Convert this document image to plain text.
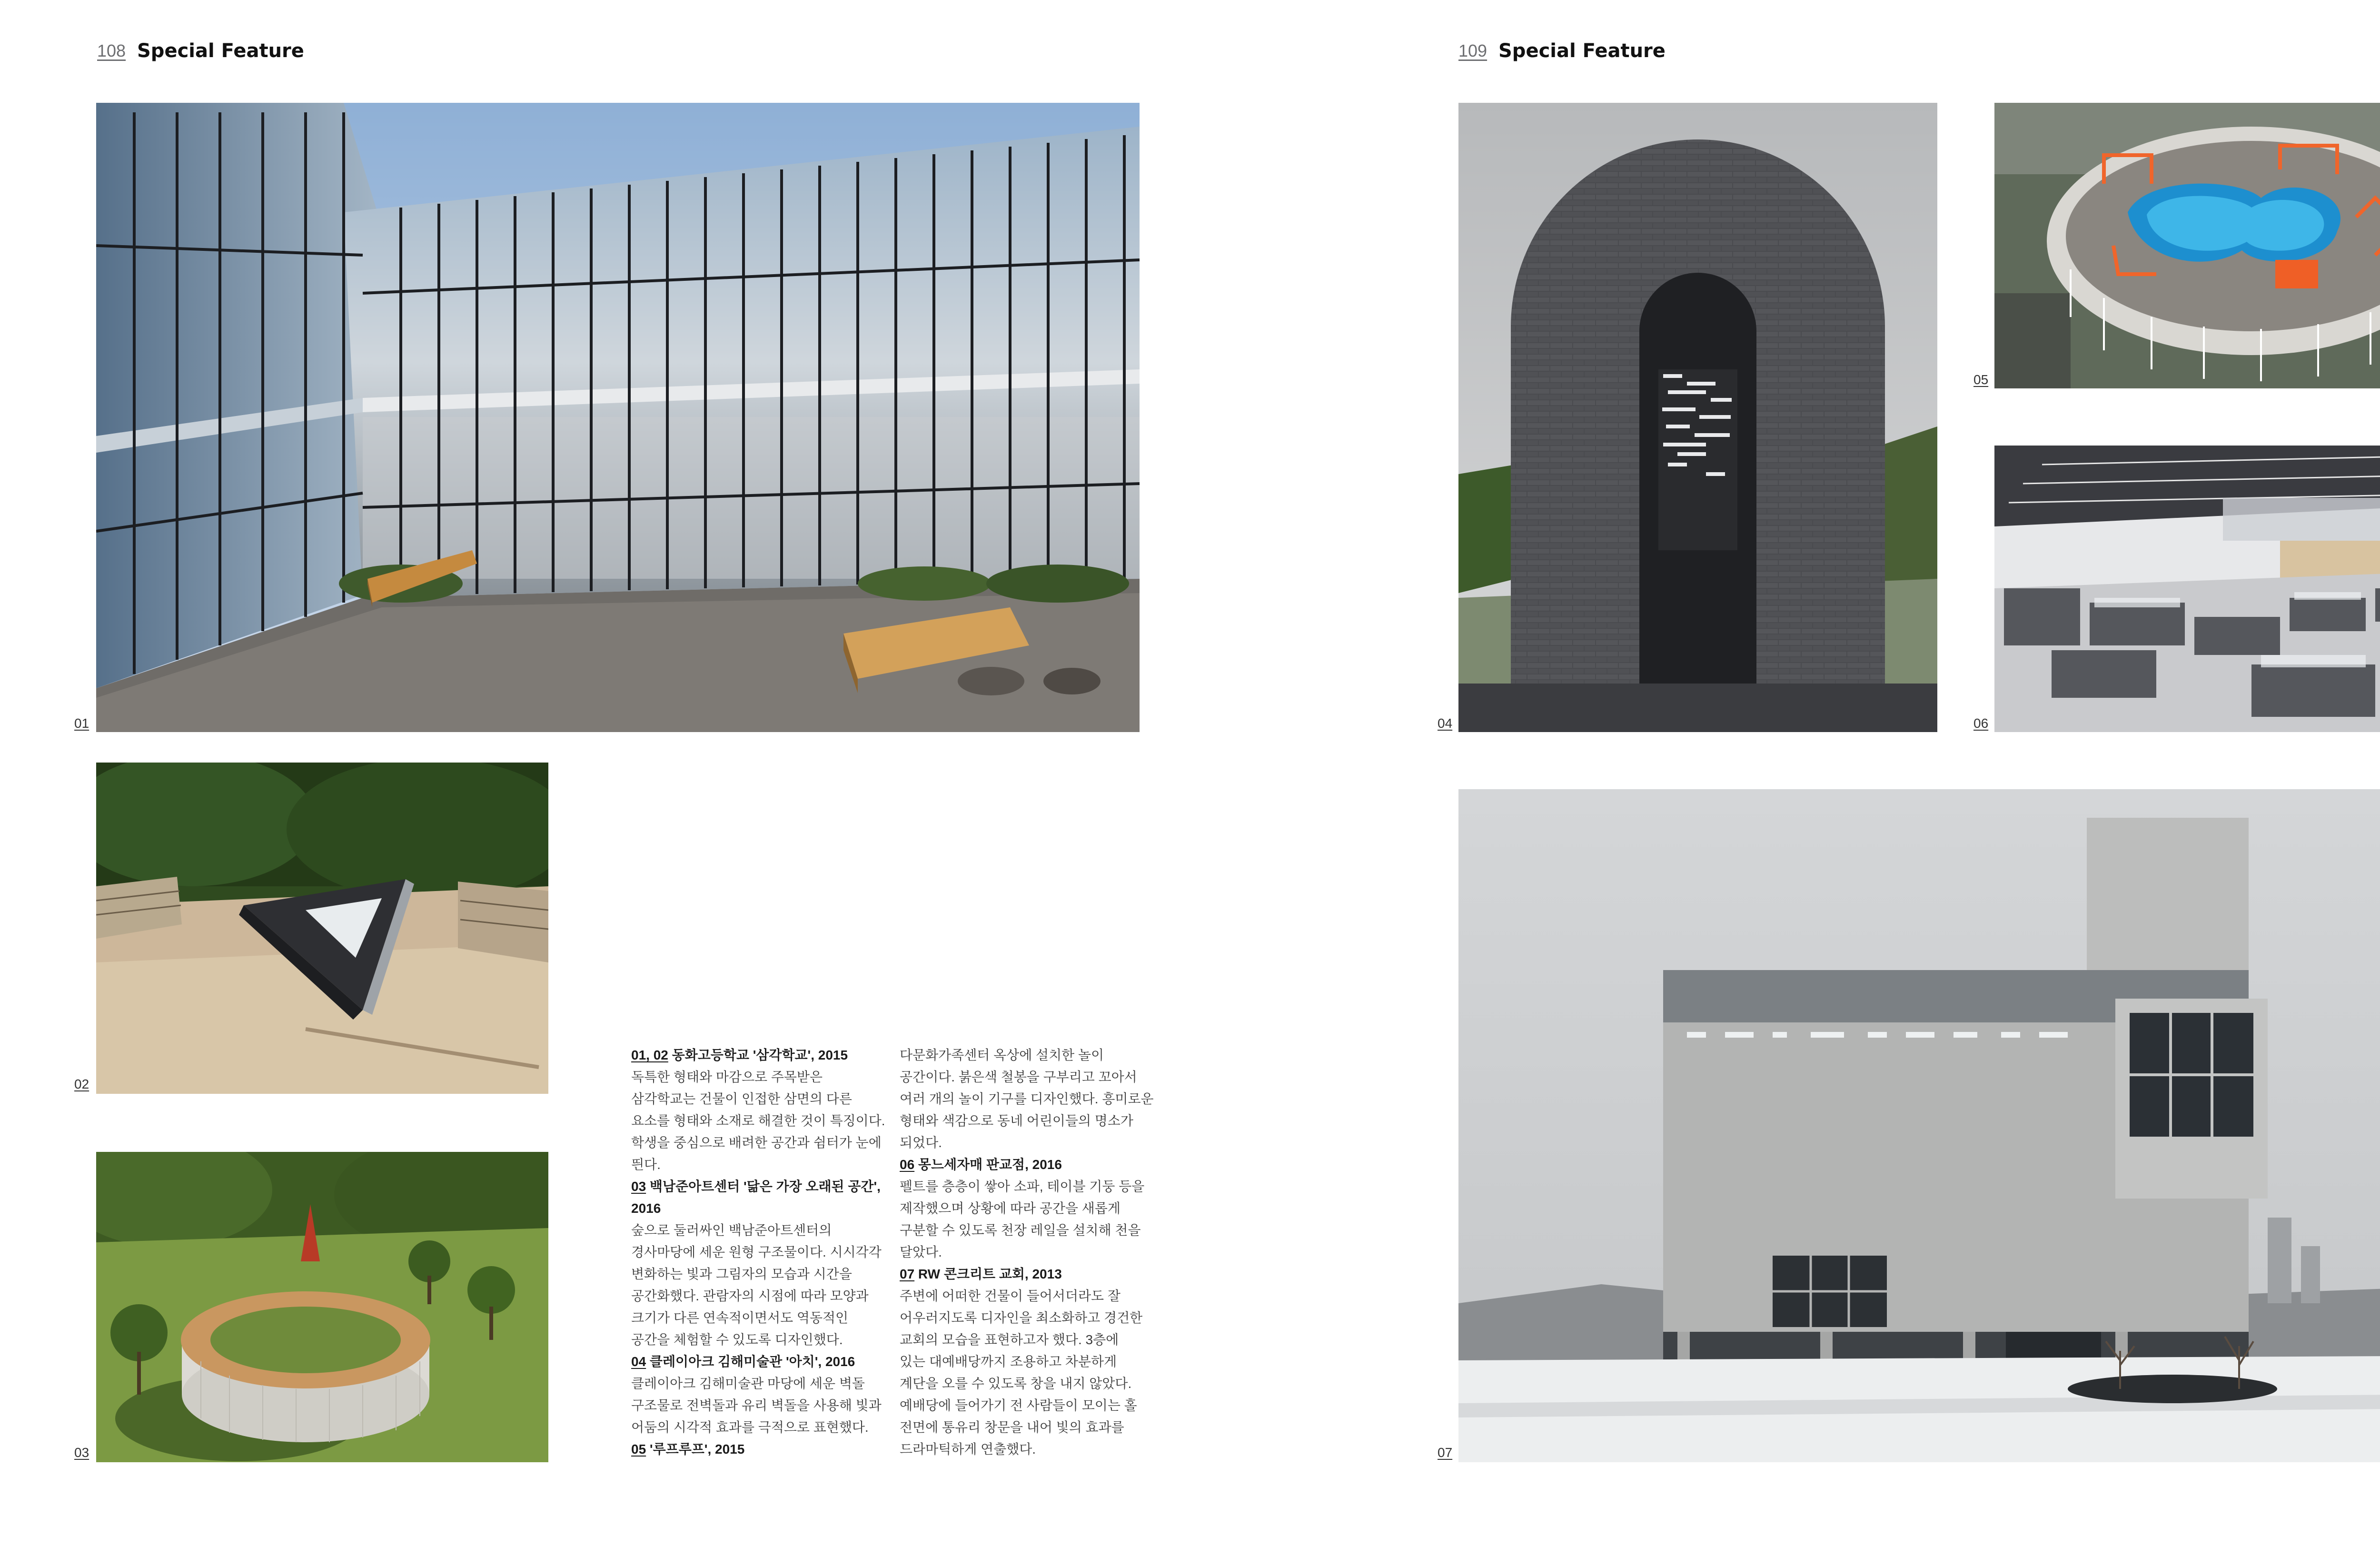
108 Special Feature	109 Special Feature
01
02
03

01, 02 동화고등학교 '삼각학교', 2015

독특한 형태와 마감으로 주목받은

삼각학교는 건물이 인접한 삼면의 다른

요소를 형태와 소재로 해결한 것이 특징이다.

학생을 중심으로 배려한 공간과 쉼터가 눈에

띈다.

03 백남준아트센터 '닮은 가장 오래된 공간',

2016

숲으로 둘러싸인 백남준아트센터의

경사마당에 세운 원형 구조물이다. 시시각각

변화하는 빛과 그림자의 모습과 시간을

공간화했다. 관람자의 시점에 따라 모양과

크기가 다른 연속적이면서도 역동적인

공간을 체험할 수 있도록 디자인했다.

04 클레이아크 김해미술관 '아치', 2016

클레이아크 김해미술관 마당에 세운 벽돌

구조물로 전벽돌과 유리 벽돌을 사용해 빛과

어둠의 시각적 효과를 극적으로 표현했다.

05 '루프루프', 2015

다문화가족센터 옥상에 설치한 놀이

공간이다. 붉은색 철봉을 구부리고 꼬아서

여러 개의 놀이 기구를 디자인했다. 흥미로운

형태와 색감으로 동네 어린이들의 명소가

되었다.

06 몽느세자매 판교점, 2016

펠트를 층층이 쌓아 소파, 테이블 기둥 등을

제작했으며 상황에 따라 공간을 새롭게

구분할 수 있도록 천장 레일을 설치해 천을

달았다.

07 RW 콘크리트 교회, 2013

주변에 어떠한 건물이 들어서더라도 잘

어우러지도록 디자인을 최소화하고 경건한

교회의 모습을 표현하고자 했다. 3층에

있는 대예배당까지 조용하고 차분하게

계단을 오를 수 있도록 창을 내지 않았다.

예배당에 들어가기 전 사람들이 모이는 홀

전면에 통유리 창문을 내어 빛의 효과를

드라마틱하게 연출했다.

04
05
06
07
